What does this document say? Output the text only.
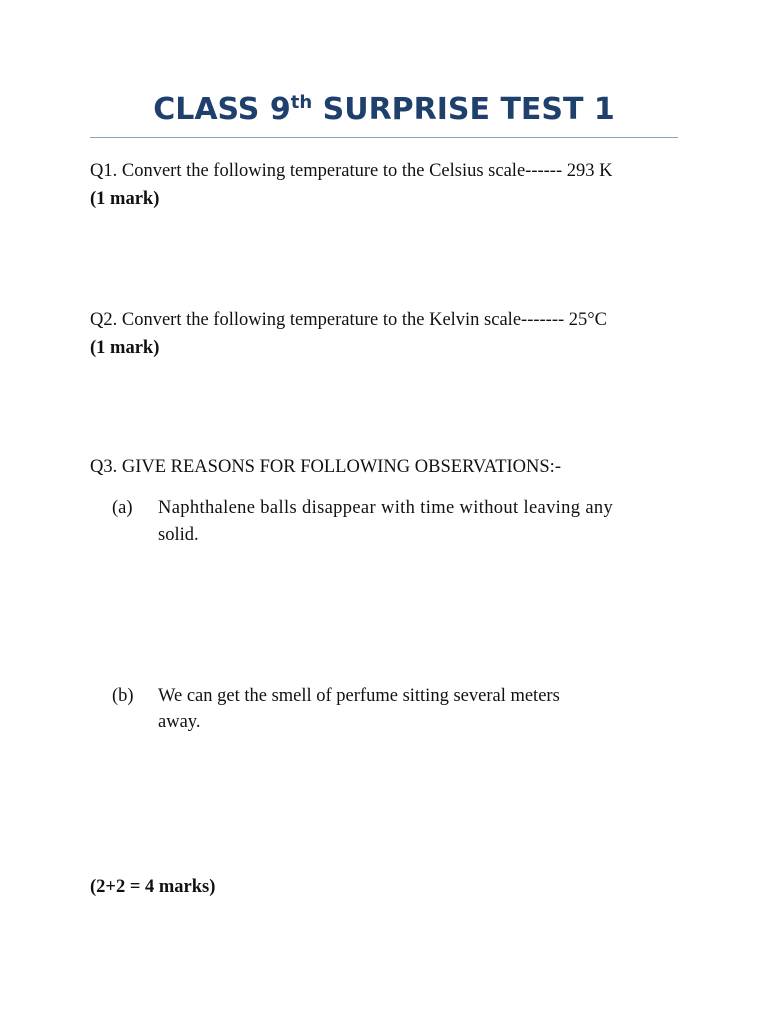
CLASS 9th SURPRISE TEST 1
Q1. Convert the following temperature to the Celsius scale------ 293 K
(1 mark)
Q2. Convert the following temperature to the Kelvin scale------- 25°C
(1 mark)
Q3. GIVE REASONS FOR FOLLOWING OBSERVATIONS:-
(a) Naphthalene balls disappear with time without leaving any
solid.
(b) We can get the smell of perfume sitting several meters
away.
(2+2 = 4 marks)
